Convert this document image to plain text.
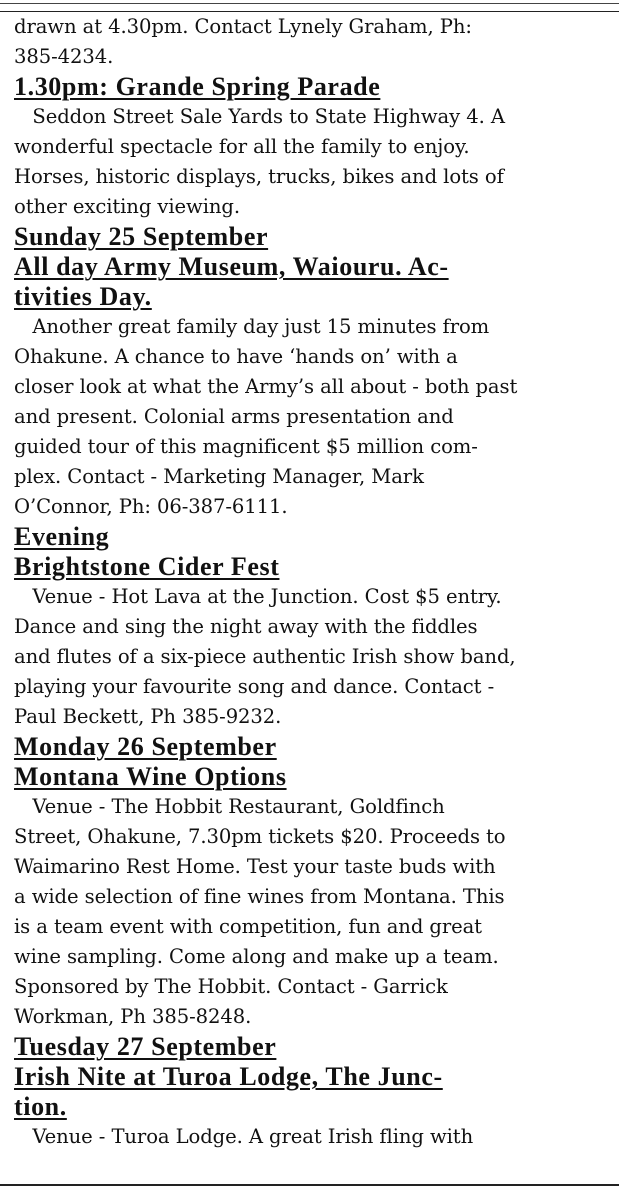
drawn at 4.30pm. Contact Lynely Graham, Ph:

385-4234.

1.30pm: Grande Spring Parade

Seddon Street Sale Yards to State Highway 4. A

wonderful spectacle for all the family to enjoy.

Horses, historic displays, trucks, bikes and lots of

other exciting viewing.

Sunday 25 September
All day Army Museum, Waiouru. Ac-
tivities Day.

Another great family day just 15 minutes from

Ohakune. A chance to have ‘hands on’ with a

closer look at what the Army’s all about - both past

and present. Colonial arms presentation and

guided tour of this magnificent $5 million com-

plex. Contact - Marketing Manager, Mark

O’Connor, Ph: 06-387-6111.

Evening
Brightstone Cider Fest

Venue - Hot Lava at the Junction. Cost $5 entry.

Dance and sing the night away with the fiddles

and flutes of a six-piece authentic Irish show band,

playing your favourite song and dance. Contact -

Paul Beckett, Ph 385-9232.

Monday 26 September
Montana Wine Options

Venue - The Hobbit Restaurant, Goldfinch

Street, Ohakune, 7.30pm tickets $20. Proceeds to

Waimarino Rest Home. Test your taste buds with

a wide selection of fine wines from Montana. This

is a team event with competition, fun and great

wine sampling. Come along and make up a team.

Sponsored by The Hobbit. Contact - Garrick

Workman, Ph 385-8248.

Tuesday 27 September
Irish Nite at Turoa Lodge, The Junc-
tion.

Venue - Turoa Lodge. A great Irish fling with
